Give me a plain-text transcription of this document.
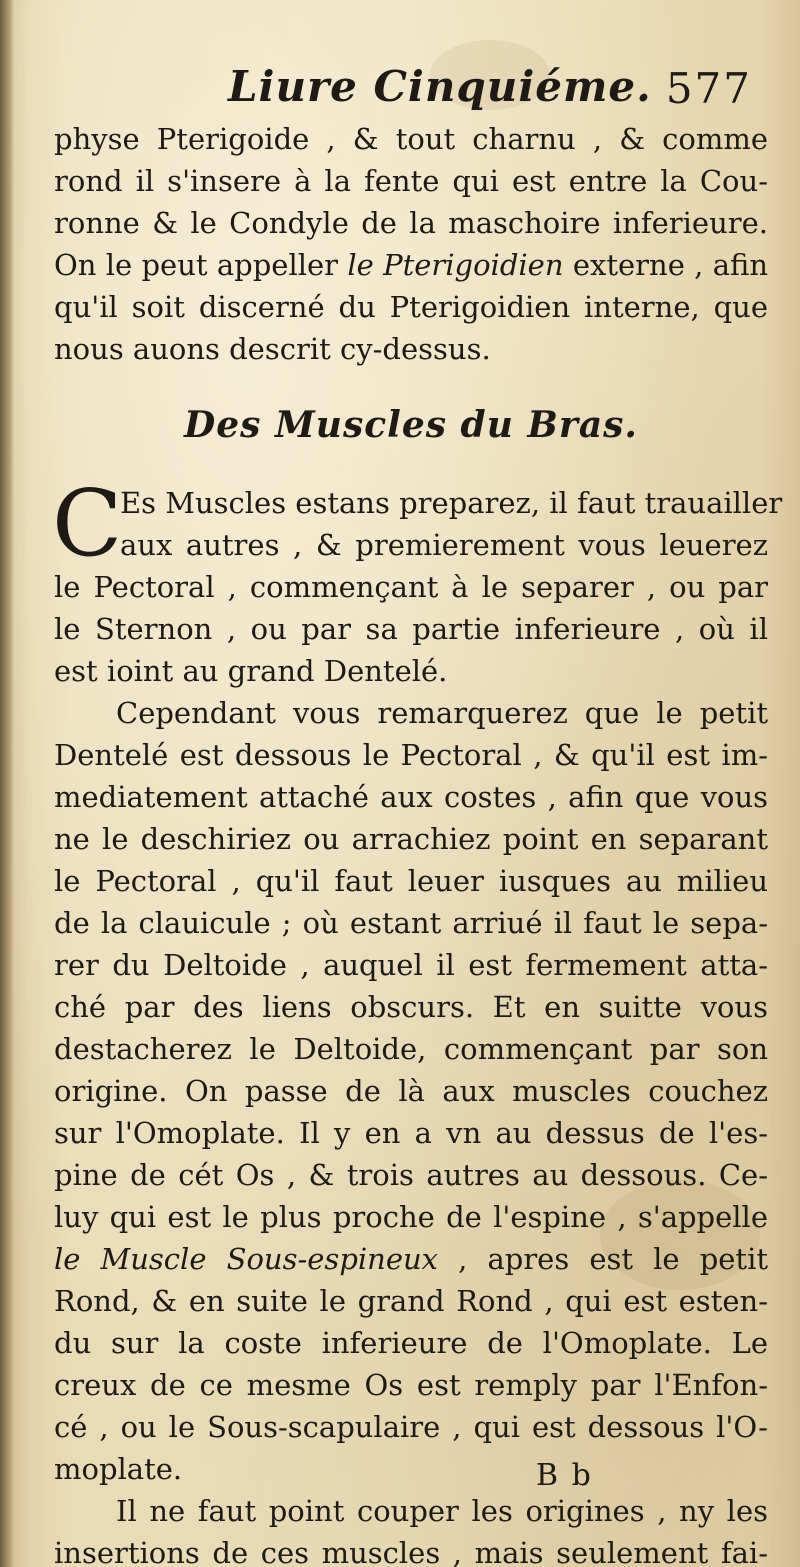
Liure Cinquiéme. 577
physe Pterigoide , & tout charnu , & comme
rond il s'insere à la fente qui est entre la Cou-
ronne & le Condyle de la maschoire inferieure.
On le peut appeller le Pterigoidien externe , afin
qu'il soit discerné du Pterigoidien interne, que
nous auons descrit cy-dessus.
Des Muscles du Bras.
C
Es Muscles estans preparez, il faut trauailler
aux autres , & premierement vous leuerez
le Pectoral , commençant à le separer , ou par
le Sternon , ou par sa partie inferieure , où il
est ioint au grand Dentelé.
Cependant vous remarquerez que le petit
Dentelé est dessous le Pectoral , & qu'il est im-
mediatement attaché aux costes , afin que vous
ne le deschiriez ou arrachiez point en separant
le Pectoral , qu'il faut leuer iusques au milieu
de la clauicule ; où estant arriué il faut le sepa-
rer du Deltoide , auquel il est fermement atta-
ché par des liens obscurs. Et en suitte vous
destacherez le Deltoide, commençant par son
origine. On passe de là aux muscles couchez
sur l'Omoplate. Il y en a vn au dessus de l'es-
pine de cét Os , & trois autres au dessous. Ce-
luy qui est le plus proche de l'espine , s'appelle
le Muscle Sous-espineux , apres est le petit
Rond, & en suite le grand Rond , qui est esten-
du sur la coste inferieure de l'Omoplate. Le
creux de ce mesme Os est remply par l'Enfon-
cé , ou le Sous-scapulaire , qui est dessous l'O-
moplate.
Il ne faut point couper les origines , ny les
insertions de ces muscles , mais seulement fai-
B b
